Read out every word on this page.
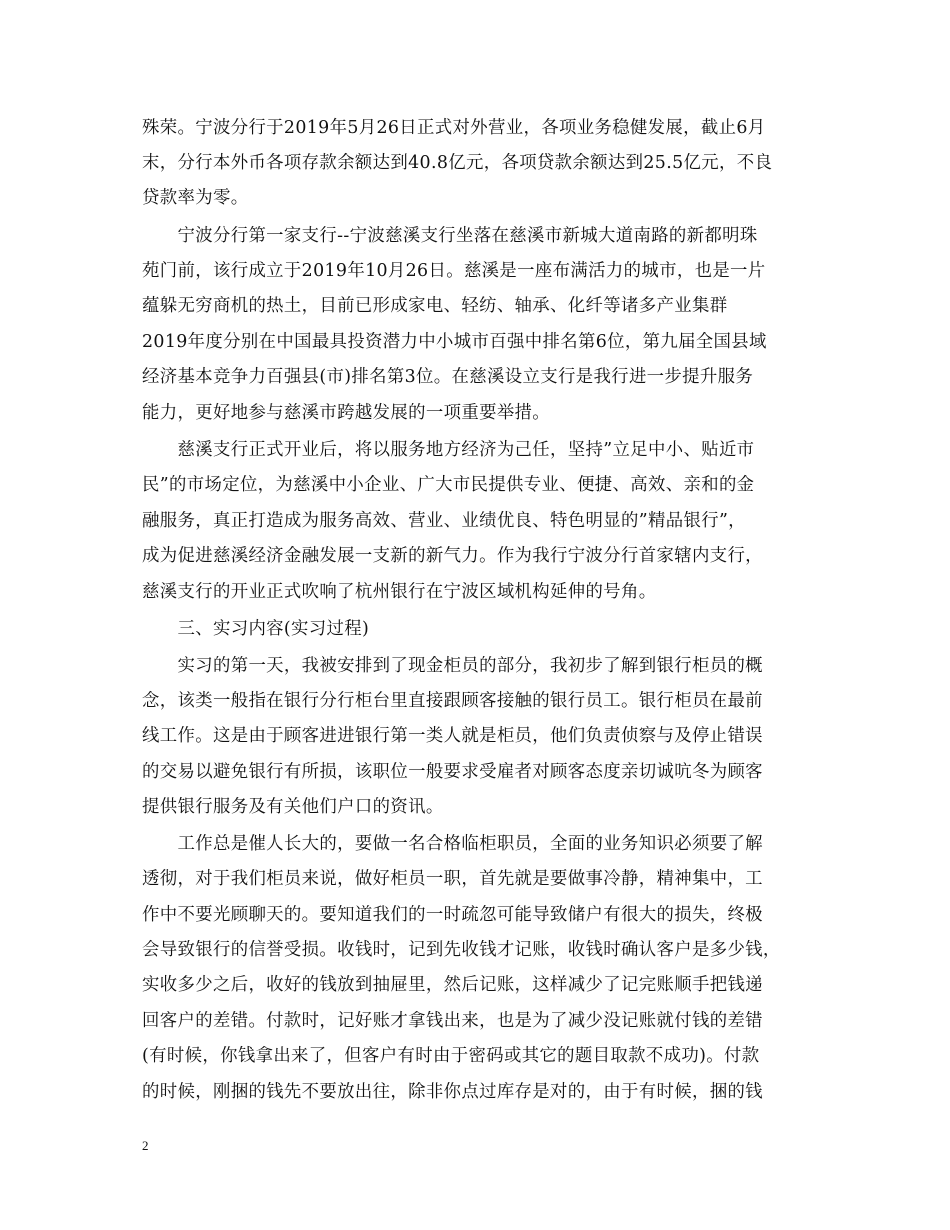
殊荣。宁波分行于2019年5月26日正式对外营业，各项业务稳健发展，截止6月
末，分行本外币各项存款余额达到40.8亿元，各项贷款余额达到25.5亿元，不良
贷款率为零。
　　宁波分行第一家支行--宁波慈溪支行坐落在慈溪市新城大道南路的新都明珠
苑门前，该行成立于2019年10月26日。慈溪是一座布满活力的城市，也是一片
蕴躲无穷商机的热土，目前已形成家电、轻纺、轴承、化纤等诸多产业集群
2019年度分别在中国最具投资潜力中小城市百强中排名第6位，第九届全国县域
经济基本竞争力百强县(市)排名第3位。在慈溪设立支行是我行进一步提升服务
能力，更好地参与慈溪市跨越发展的一项重要举措。
　　慈溪支行正式开业后，将以服务地方经济为己任，坚持”立足中小、贴近市
民”的市场定位，为慈溪中小企业、广大市民提供专业、便捷、高效、亲和的金
融服务，真正打造成为服务高效、营业、业绩优良、特色明显的”精品银行”，
成为促进慈溪经济金融发展一支新的新气力。作为我行宁波分行首家辖内支行，
慈溪支行的开业正式吹响了杭州银行在宁波区域机构延伸的号角。
　　三、实习内容(实习过程)
　　实习的第一天，我被安排到了现金柜员的部分，我初步了解到银行柜员的概
念，该类一般指在银行分行柜台里直接跟顾客接触的银行员工。银行柜员在最前
线工作。这是由于顾客进进银行第一类人就是柜员，他们负责侦察与及停止错误
的交易以避免银行有所损，该职位一般要求受雇者对顾客态度亲切诚吭冬为顾客
提供银行服务及有关他们户口的资讯。
　　工作总是催人长大的，要做一名合格临柜职员，全面的业务知识必须要了解
透彻，对于我们柜员来说，做好柜员一职，首先就是要做事冷静，精神集中，工
作中不要光顾聊天的。要知道我们的一时疏忽可能导致储户有很大的损失，终极
会导致银行的信誉受损。收钱时，记到先收钱才记账，收钱时确认客户是多少钱，
实收多少之后，收好的钱放到抽屉里，然后记账，这样减少了记完账顺手把钱递
回客户的差错。付款时，记好账才拿钱出来，也是为了减少没记账就付钱的差错
(有时候，你钱拿出来了，但客户有时由于密码或其它的题目取款不成功)。付款
的时候，刚捆的钱先不要放出往，除非你点过库存是对的，由于有时候，捆的钱
2
